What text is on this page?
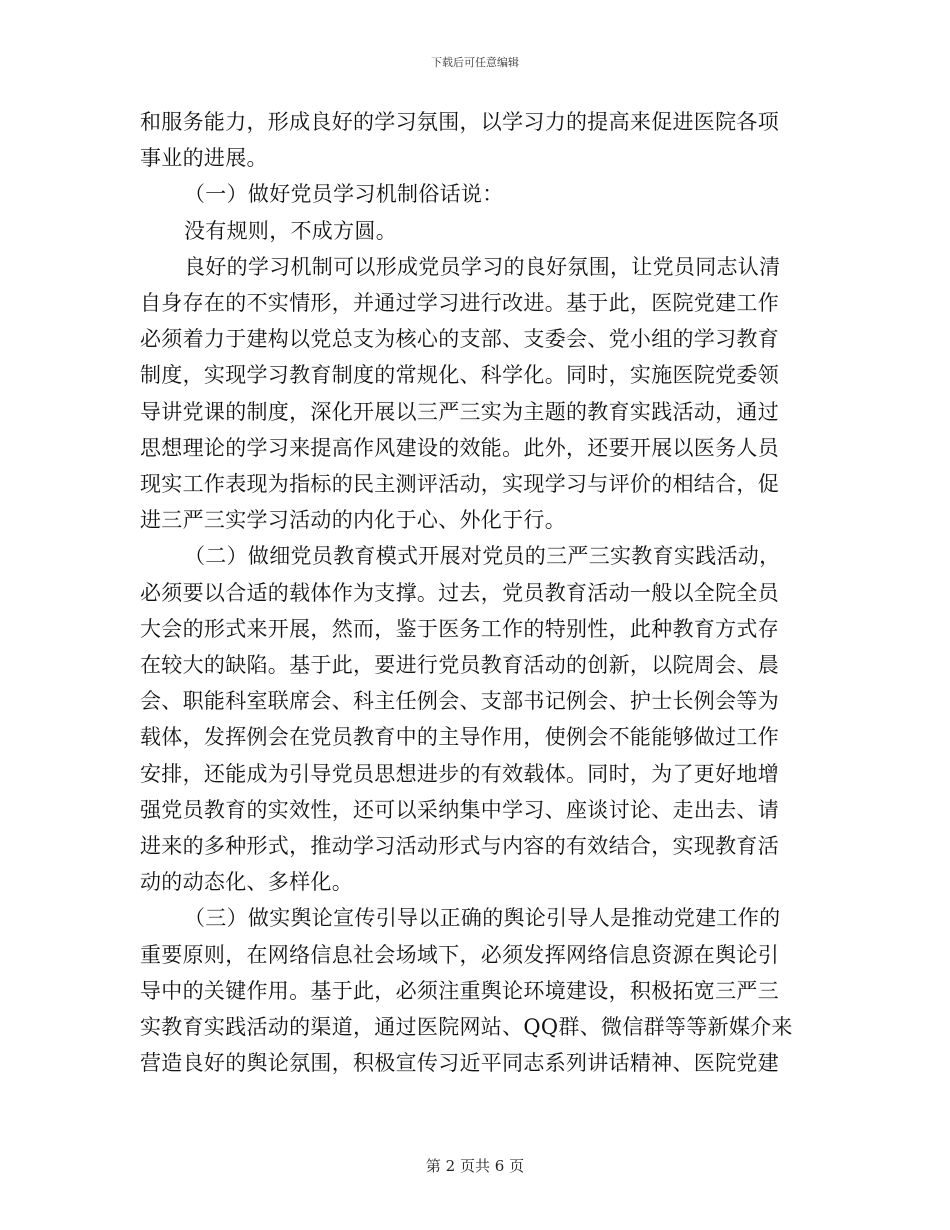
下载后可任意编辑

和服务能力，形成良好的学习氛围，以学习力的提高来促进医院各项

事业的进展。

（一）做好党员学习机制俗话说：

没有规则，不成方圆。

良好的学习机制可以形成党员学习的良好氛围，让党员同志认清

自身存在的不实情形，并通过学习进行改进。基于此，医院党建工作

必须着力于建构以党总支为核心的支部、支委会、党小组的学习教育

制度，实现学习教育制度的常规化、科学化。同时，实施医院党委领

导讲党课的制度，深化开展以三严三实为主题的教育实践活动，通过

思想理论的学习来提高作风建设的效能。此外，还要开展以医务人员

现实工作表现为指标的民主测评活动，实现学习与评价的相结合，促

进三严三实学习活动的内化于心、外化于行。

（二）做细党员教育模式开展对党员的三严三实教育实践活动，

必须要以合适的载体作为支撑。过去，党员教育活动一般以全院全员

大会的形式来开展，然而，鉴于医务工作的特别性，此种教育方式存

在较大的缺陷。基于此，要进行党员教育活动的创新，以院周会、晨

会、职能科室联席会、科主任例会、支部书记例会、护士长例会等为

载体，发挥例会在党员教育中的主导作用，使例会不能能够做过工作

安排，还能成为引导党员思想进步的有效载体。同时，为了更好地增

强党员教育的实效性，还可以采纳集中学习、座谈讨论、走出去、请

进来的多种形式，推动学习活动形式与内容的有效结合，实现教育活

动的动态化、多样化。

（三）做实舆论宣传引导以正确的舆论引导人是推动党建工作的

重要原则，在网络信息社会场域下，必须发挥网络信息资源在舆论引

导中的关键作用。基于此，必须注重舆论环境建设，积极拓宽三严三

实教育实践活动的渠道，通过医院网站、QQ群、微信群等等新媒介来

营造良好的舆论氛围，积极宣传习近平同志系列讲话精神、医院党建

第 2 页共 6 页
